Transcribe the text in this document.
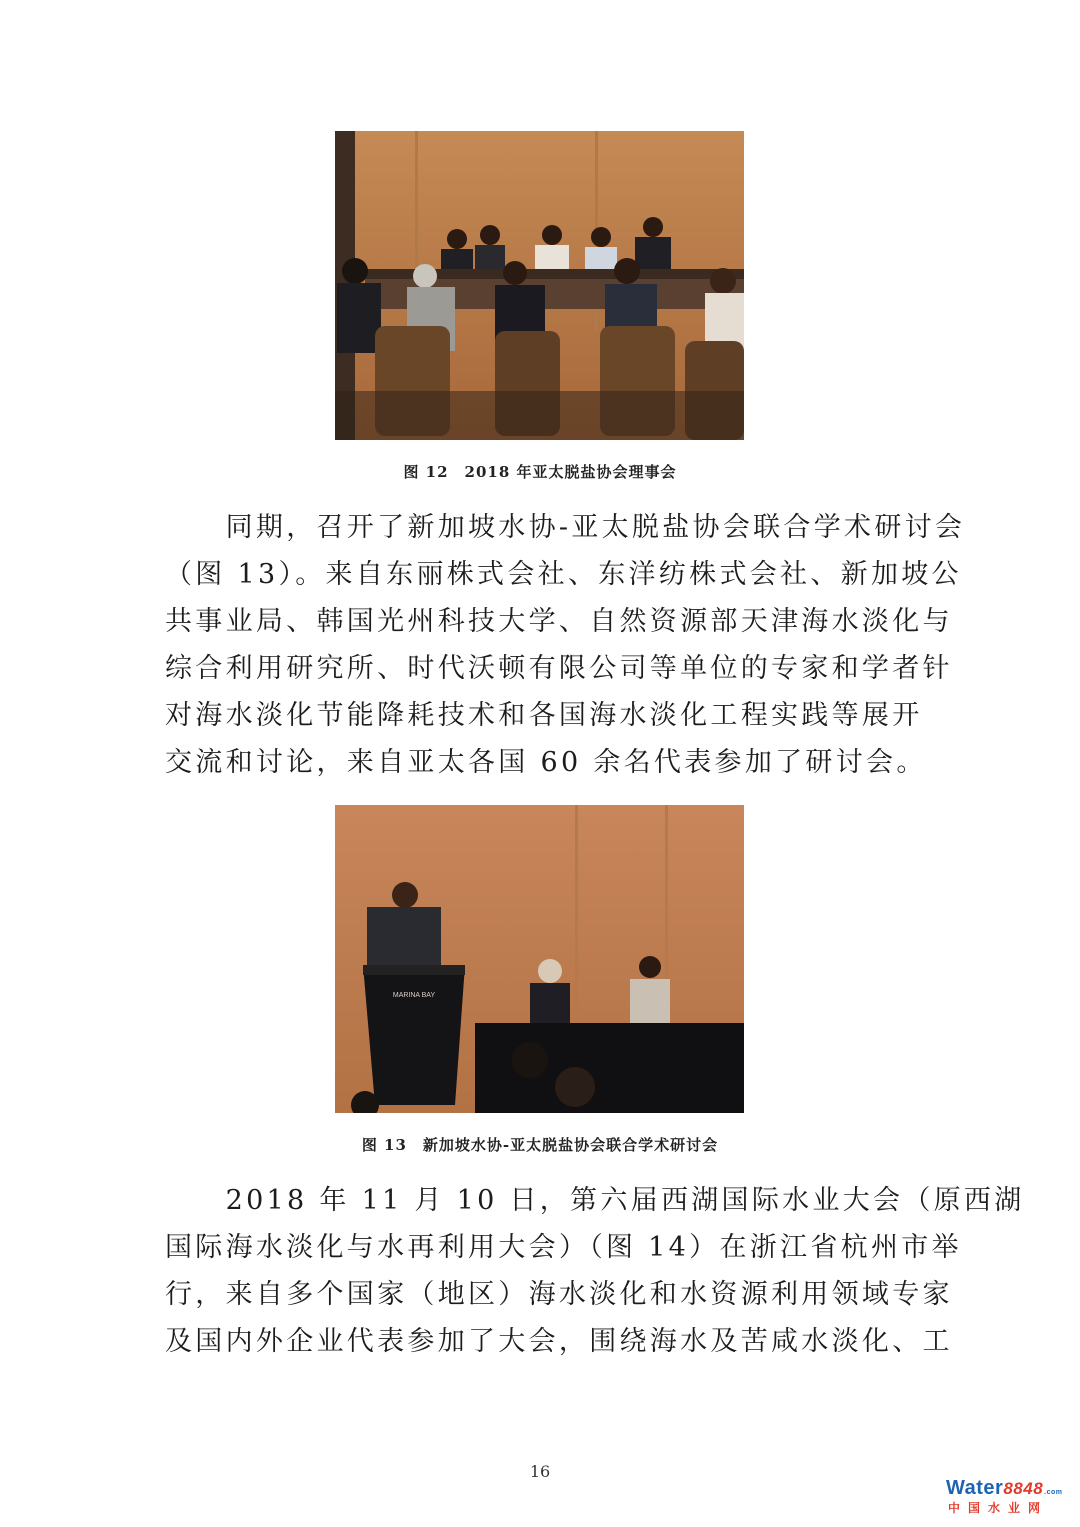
图 12　2018 年亚太脱盐协会理事会
　　同期，召开了新加坡水协-亚太脱盐协会联合学术研讨会
（图 13）。来自东丽株式会社、东洋纺株式会社、新加坡公
共事业局、韩国光州科技大学、自然资源部天津海水淡化与
综合利用研究所、时代沃顿有限公司等单位的专家和学者针
对海水淡化节能降耗技术和各国海水淡化工程实践等展开
交流和讨论，来自亚太各国 60 余名代表参加了研讨会。
MARINA BAY
图 13　新加坡水协-亚太脱盐协会联合学术研讨会
　　2018 年 11 月 10 日，第六届西湖国际水业大会（原西湖
国际海水淡化与水再利用大会）（图 14）在浙江省杭州市举
行，来自多个国家（地区）海水淡化和水资源利用领域专家
及国内外企业代表参加了大会，围绕海水及苦咸水淡化、工
16
Water8848.com
中国水业网
